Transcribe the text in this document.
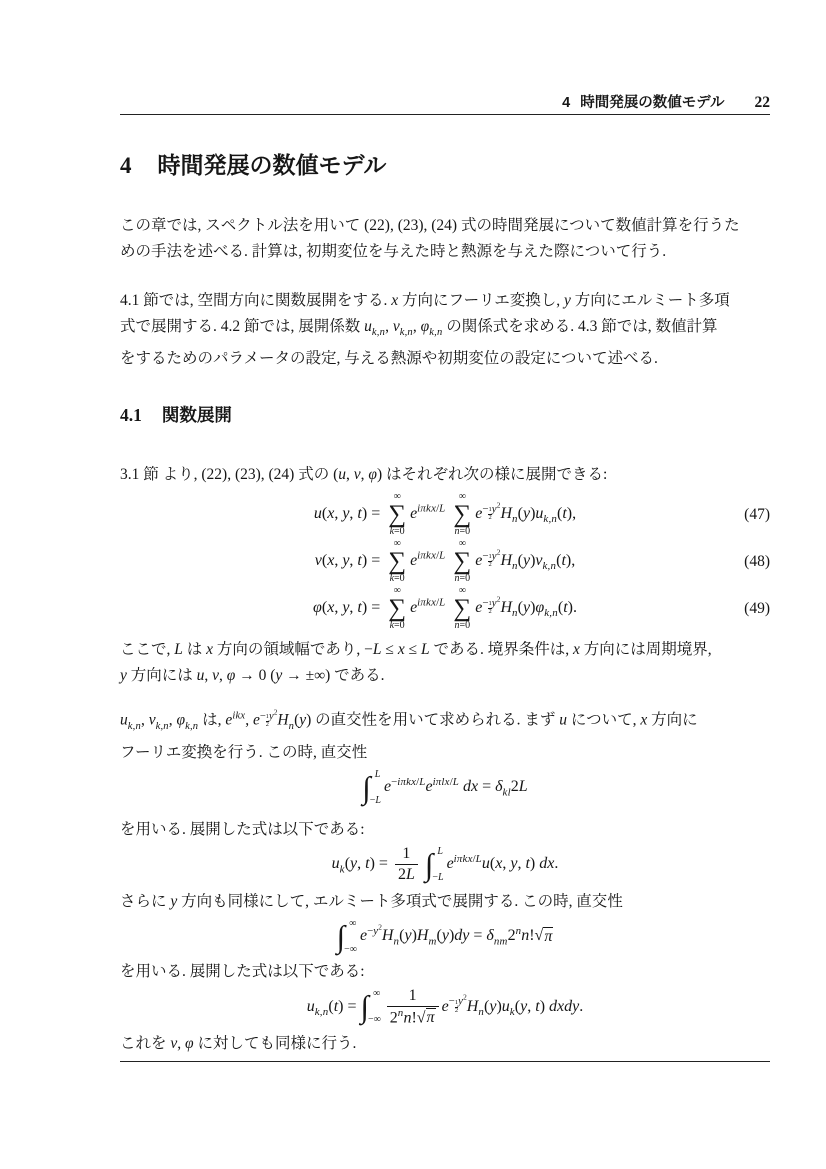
4 時間発展の数値モデル 22
4 時間発展の数値モデル
この章では, スペクトル法を用いて (22), (23), (24) 式の時間発展について数値計算を行うた
めの手法を述べる. 計算は, 初期変位を与えた時と熱源を与えた際について行う.
4.1 節では, 空間方向に関数展開をする. x 方向にフーリエ変換し, y 方向にエルミート多項
式で展開する. 4.2 節では, 展開係数 $u_{k,n}$, $v_{k,n}$, $\varphi_{k,n}$ の関係式を求める. 4.3 節では, 数値計算
をするためのパラメータの設定, 与える熱源や初期変位の設定について述べる.
4.1 関数展開
3.1 節 より, (22), (23), (24) 式の (u, v, φ) はそれぞれ次の様に展開できる:
u(x, y, t) =
∞
∑
k=0
$e^{i\pi kx/L}$
∞
∑
n=0
$e^{- \frac{1}{2} y^2}H_n(y)u_{k,n}(t)$,	(47)
v(x, y, t) =
∞
∑
k=0
$e^{i\pi kx/L}$
∞
∑
n=0
$e^{- \frac{1}{2} y^2}H_n(y)v_{k,n}(t)$,	(48)
φ(x, y, t) =
∞
∑
k=0
$e^{i\pi kx/L}$
∞
∑
n=0
$e^{- \frac{1}{2} y^2}H_n(y)\varphi_{k,n}(t)$.	(49)
ここで, L は x 方向の領域幅であり, −L ≤ x ≤ L である. 境界条件は, x 方向には周期境界,
y 方向には u, v, φ → 0 (y → ±∞) である.
$u_{k,n}$, $v_{k,n}$, $\varphi_{k,n}$ は, $e^{ikx}$, $e^{- \frac{1}{2} y^2}H_n(y)$ の直交性を用いて求められる. まず u について, x 方向に
フーリエ変換を行う. この時, 直交性
∫ L
−L
$e^{-i\pi kx/L}e^{i\pi lx/L}$ dx = $\delta_{kl}2L$
を用いる. 展開した式は以下である:
$u_k(y$, $t) = \frac{1}{2L}$
∫ L
−L
$e^{i\pi kx/L}u(x$, y, t) dx.
さらに y 方向も同様にして, エルミート多項式で展開する. この時, 直交性
∫ ∞
−∞
$e^{-y^2}H_n(y)H_m(y)dy = \delta_{nm}2^nn!√\pi$
を用いる. 展開した式は以下である:
$u_{k,n}(t)$ = ∫ ∞
−∞ $\frac{1}{2^nn!√\pi} e^{- \frac{1}{2} y^2}H_n(y)u_k(y$, t) dxdy.
これを v, φ に対しても同様に行う.
